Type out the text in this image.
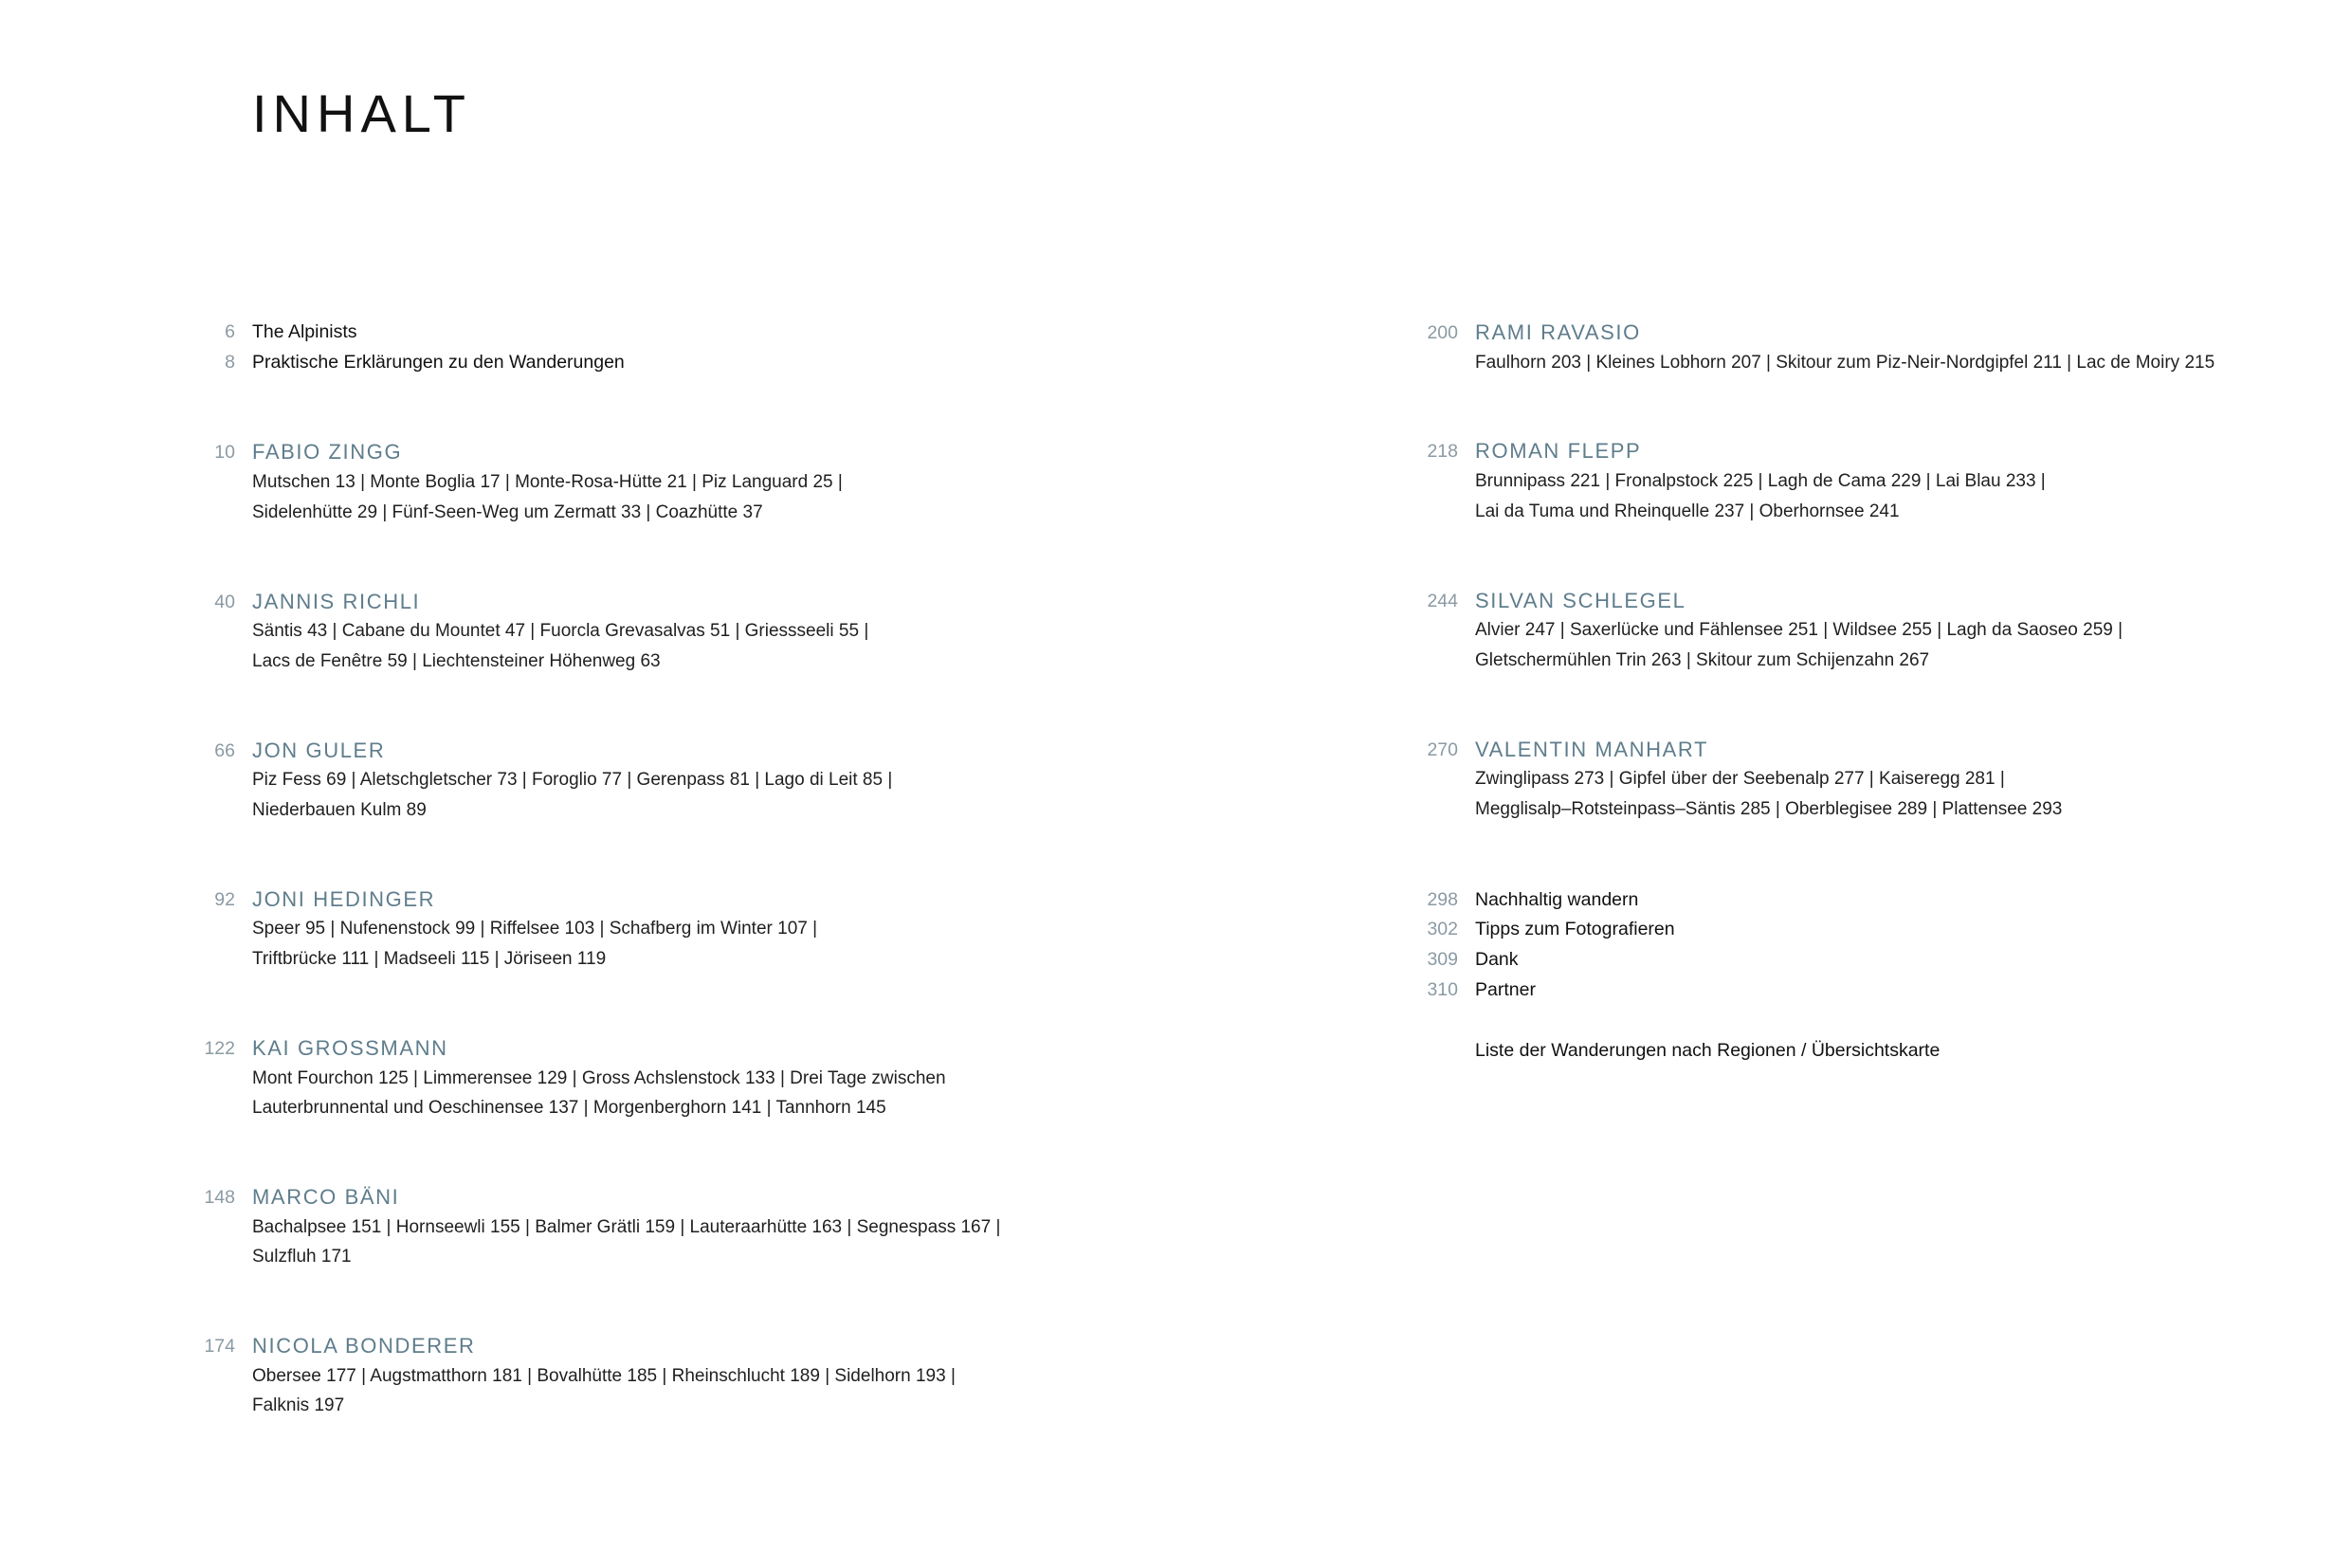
INHALT
6 The Alpinists
8 Praktische Erklärungen zu den Wanderungen
10 FABIO ZINGG
Mutschen 13 | Monte Boglia 17 | Monte-Rosa-Hütte 21 | Piz Languard 25 |
Sidelenhütte 29 | Fünf-Seen-Weg um Zermatt 33 | Coazhütte 37
40 JANNIS RICHLI
Säntis 43 | Cabane du Mountet 47 | Fuorcla Grevasalvas 51 | Griessseeli 55 |
Lacs de Fenêtre 59 | Liechtensteiner Höhenweg 63
66 JON GULER
Piz Fess 69 | Aletschgletscher 73 | Foroglio 77 | Gerenpass 81 | Lago di Leit 85 |
Niederbauen Kulm 89
92 JONI HEDINGER
Speer 95 | Nufenenstock 99 | Riffelsee 103 | Schafberg im Winter 107 |
Triftbrücke 111 | Madseeli 115 | Jöriseen 119
122 KAI GROSSMANN
Mont Fourchon 125 | Limmerensee 129 | Gross Achslenstock 133 | Drei Tage zwischen
Lauterbrunnental und Oeschinensee 137 | Morgenberghorn 141 | Tannhorn 145
148 MARCO BÄNI
Bachalpsee 151 | Hornseewli 155 | Balmer Grätli 159 | Lauteraarhütte 163 | Segnespass 167 |
Sulzfluh 171
174 NICOLA BONDERER
Obersee 177 | Augstmatthorn 181 | Bovalhütte 185 | Rheinschlucht 189 | Sidelhorn 193 |
Falknis 197
200 RAMI RAVASIO
Faulhorn 203 | Kleines Lobhorn 207 | Skitour zum Piz-Neir-Nordgipfel 211 | Lac de Moiry 215
218 ROMAN FLEPP
Brunnipass 221 | Fronalpstock 225 | Lagh de Cama 229 | Lai Blau 233 |
Lai da Tuma und Rheinquelle 237 | Oberhornsee 241
244 SILVAN SCHLEGEL
Alvier 247 | Saxerlücke und Fählensee 251 | Wildsee 255 | Lagh da Saoseo 259 |
Gletschermühlen Trin 263 | Skitour zum Schijenzahn 267
270 VALENTIN MANHART
Zwinglipass 273 | Gipfel über der Seebenalp 277 | Kaiseregg 281 |
Megglisalp–Rotsteinpass–Säntis 285 | Oberblegisee 289 | Plattensee 293
298 Nachhaltig wandern
302 Tipps zum Fotografieren
309 Dank
310 Partner
Liste der Wanderungen nach Regionen / Übersichtskarte
